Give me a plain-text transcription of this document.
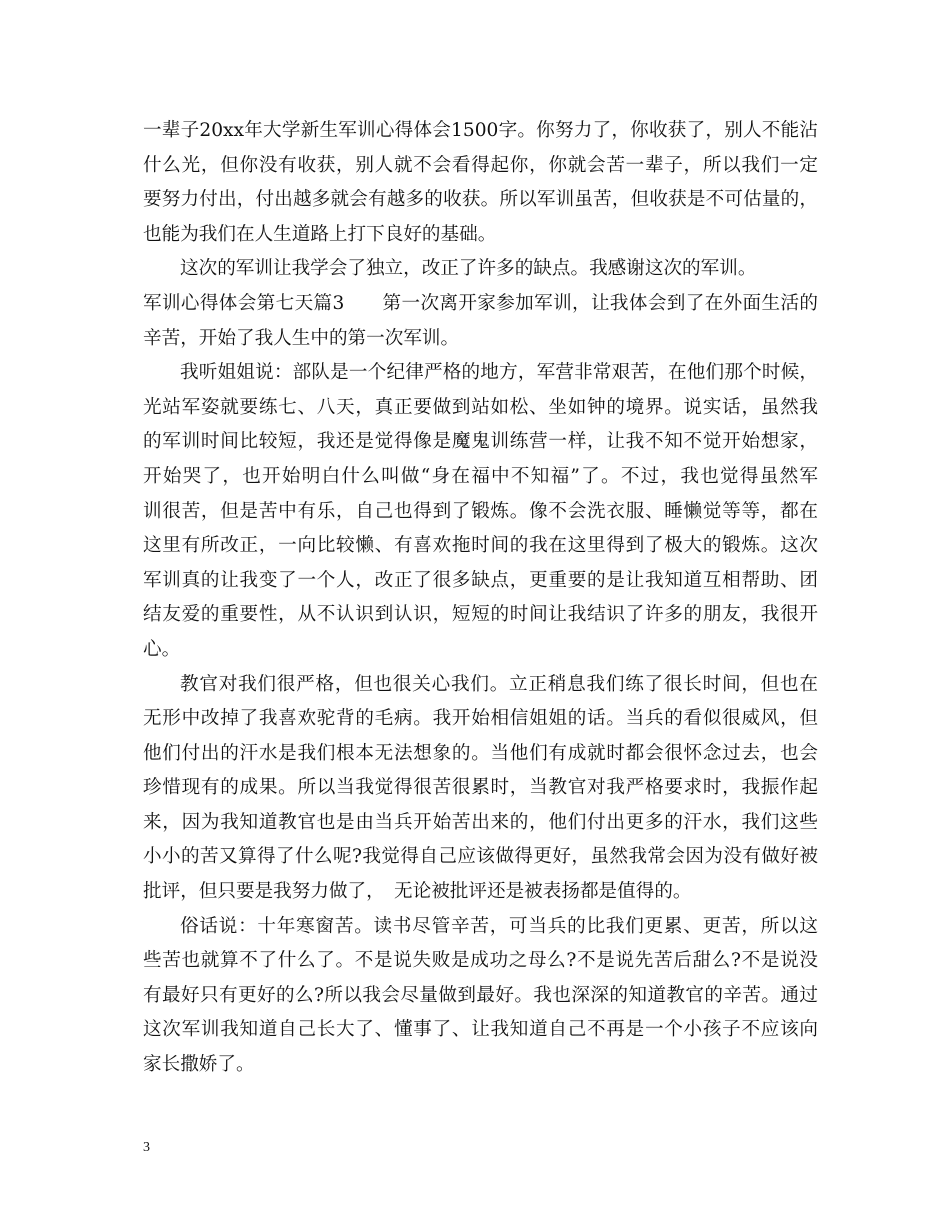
一辈子20xx年大学新生军训心得体会1500字。你努力了，你收获了，别人不能沾
什么光，但你没有收获，别人就不会看得起你，你就会苦一辈子，所以我们一定
要努力付出，付出越多就会有越多的收获。所以军训虽苦，但收获是不可估量的，
也能为我们在人生道路上打下良好的基础。
这次的军训让我学会了独立，改正了许多的缺点。我感谢这次的军训。
军训心得体会第七天篇3　　第一次离开家参加军训，让我体会到了在外面生活的
辛苦，开始了我人生中的第一次军训。
我听姐姐说：部队是一个纪律严格的地方，军营非常艰苦，在他们那个时候，
光站军姿就要练七、八天，真正要做到站如松、坐如钟的境界。说实话，虽然我
的军训时间比较短，我还是觉得像是魔鬼训练营一样，让我不知不觉开始想家，
开始哭了，也开始明白什么叫做“身在福中不知福”了。不过，我也觉得虽然军
训很苦，但是苦中有乐，自己也得到了锻炼。像不会洗衣服、睡懒觉等等，都在
这里有所改正，一向比较懒、有喜欢拖时间的我在这里得到了极大的锻炼。这次
军训真的让我变了一个人，改正了很多缺点，更重要的是让我知道互相帮助、团
结友爱的重要性，从不认识到认识，短短的时间让我结识了许多的朋友，我很开
心。
教官对我们很严格，但也很关心我们。立正稍息我们练了很长时间，但也在
无形中改掉了我喜欢驼背的毛病。我开始相信姐姐的话。当兵的看似很威风，但
他们付出的汗水是我们根本无法想象的。当他们有成就时都会很怀念过去，也会
珍惜现有的成果。所以当我觉得很苦很累时，当教官对我严格要求时，我振作起
来，因为我知道教官也是由当兵开始苦出来的，他们付出更多的汗水，我们这些
小小的苦又算得了什么呢?我觉得自己应该做得更好，虽然我常会因为没有做好被
批评，但只要是我努力做了，　无论被批评还是被表扬都是值得的。
俗话说：十年寒窗苦。读书尽管辛苦，可当兵的比我们更累、更苦，所以这
些苦也就算不了什么了。不是说失败是成功之母么?不是说先苦后甜么?不是说没
有最好只有更好的么?所以我会尽量做到最好。我也深深的知道教官的辛苦。通过
这次军训我知道自己长大了、懂事了、让我知道自己不再是一个小孩子不应该向
家长撒娇了。
3
